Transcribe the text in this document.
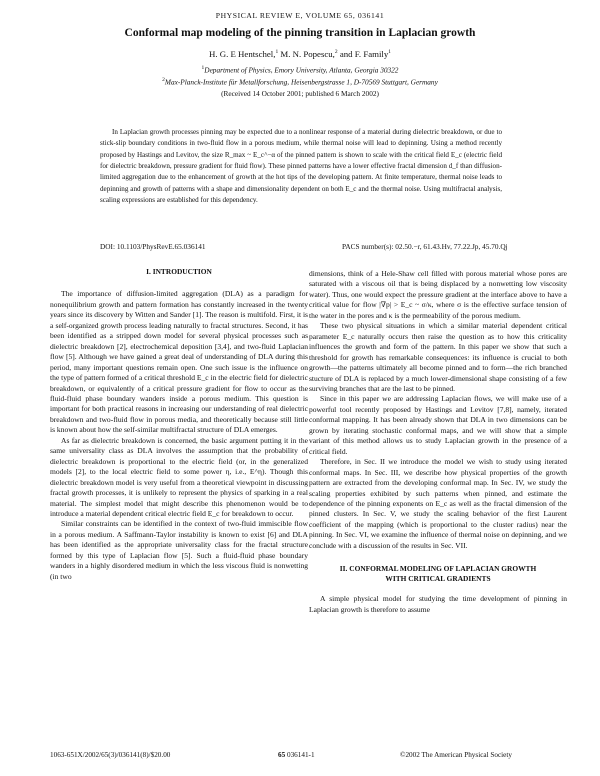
PHYSICAL REVIEW E, VOLUME 65, 036141
Conformal map modeling of the pinning transition in Laplacian growth
H. G. E Hentschel,$^1$ M. N. Popescu,$^2$ and F. Family$^1$
$^1$Department of Physics, Emory University, Atlanta, Georgia 30322
$^2$Max-Planck-Institute für Metallforschung, Heisenbergstrasse 1, D-70569 Stuttgart, Germany
(Received 14 October 2001; published 6 March 2002)

In Laplacian growth processes pinning may be expected due to a nonlinear response of a material during dielectric breakdown, or due to stick-slip boundary conditions in two-fluid flow in a porous medium, while thermal noise will lead to depinning. Using a method recently proposed by Hastings and Levitov, the size R_max ~ E_c^−α of the pinned pattern is shown to scale with the critical field E_c (electric field for dielectric breakdown, pressure gradient for fluid flow). These pinned patterns have a lower effective fractal dimension d_f than diffusion-limited aggregation due to the enhancement of growth at the hot tips of the developing pattern. At finite temperature, thermal noise leads to depinning and growth of patterns with a shape and dimensionality dependent on both E_c and the thermal noise. Using multifractal analysis, scaling expressions are established for this dependency.

DOI: 10.1103/PhysRevE.65.036141	PACS number(s): 02.50.−r, 61.43.Hv, 77.22.Jp, 45.70.Qj
I. INTRODUCTION

The importance of diffusion-limited aggregation (DLA) as a paradigm for nonequilibrium growth and pattern formation has constantly increased in the twenty years since its discovery by Witten and Sander [1]. The reason is multifold. First, it is a self-organized growth process leading naturally to fractal structures. Second, it has been identified as a stripped down model for several physical processes such as dielectric breakdown [2], electrochemical deposition [3,4], and two-fluid Laplacian flow [5]. Although we have gained a great deal of understanding of DLA during this period, many important questions remain open. One such issue is the influence on the type of pattern formed of a critical threshold E_c in the electric field for dielectric breakdown, or equivalently of a critical pressure gradient for flow to occur as the fluid-fluid phase boundary wanders inside a porous medium. This question is important for both practical reasons in increasing our understanding of real dielectric breakdown and two-fluid flow in porous media, and theoretically because still little is known about how the self-similar multifractal structure of DLA emerges.

As far as dielectric breakdown is concerned, the basic argument putting it in the same universality class as DLA involves the assumption that the probability of dielectric breakdown is proportional to the electric field (or, in the generalized models [2], to the local electric field to some power η, i.e., E^η). Though this dielectric breakdown model is very useful from a theoretical viewpoint in discussing fractal growth processes, it is unlikely to represent the physics of sparking in a real material. The simplest model that might describe this phenomenon would be to introduce a material dependent critical electric field E_c for breakdown to occur.

Similar constraints can be identified in the context of two-fluid immiscible flow in a porous medium. A Saffmann-Taylor instability is known to exist [6] and DLA has been identified as the appropriate universality class for the fractal structure formed by this type of Laplacian flow [5]. Such a fluid-fluid phase boundary wanders in a highly disordered medium in which the less viscous fluid is nonwetting (in two

dimensions, think of a Hele-Shaw cell filled with porous material whose pores are saturated with a viscous oil that is being displaced by a nonwetting low viscosity water). Thus, one would expect the pressure gradient at the interface above to have a critical value for flow |∇p| > E_c ~ σ/κ, where σ is the effective surface tension of the water in the pores and κ is the permeability of the porous medium.

These two physical situations in which a similar material dependent critical parameter E_c naturally occurs then raise the question as to how this criticality influences the growth and form of the pattern. In this paper we show that such a threshold for growth has remarkable consequences: its influence is crucial to both growth—the patterns ultimately all become pinned and to form—the rich branched stucture of DLA is replaced by a much lower-dimensional shape consisting of a few surviving branches that are the last to be pinned.

Since in this paper we are addressing Laplacian flows, we will make use of a powerful tool recently proposed by Hastings and Levitov [7,8], namely, iterated conformal mapping. It has been already shown that DLA in two dimensions can be grown by iterating stochastic conformal maps, and we will show that a simple variant of this method allows us to study Laplacian growth in the presence of a critical field.

Therefore, in Sec. II we introduce the model we wish to study using iterated conformal maps. In Sec. III, we describe how physical properties of the growth pattern are extracted from the developing conformal map. In Sec. IV, we study the scaling properties exhibited by such patterns when pinned, and estimate the dependence of the pinning exponents on E_c as well as the fractal dimension of the pinned clusters. In Sec. V, we study the scaling behavior of the first Laurent coefficient of the mapping (which is proportional to the cluster radius) near the pinning. In Sec. VI, we examine the influence of thermal noise on depinning, and we conclude with a discussion of the results in Sec. VII.

II. CONFORMAL MODELING OF LAPLACIAN GROWTH
WITH CRITICAL GRADIENTS

A simple physical model for studying the time development of pinning in Laplacian growth is therefore to assume

1063-651X/2002/65(3)/036141(8)/$20.00	65 036141-1	©2002 The American Physical Society
